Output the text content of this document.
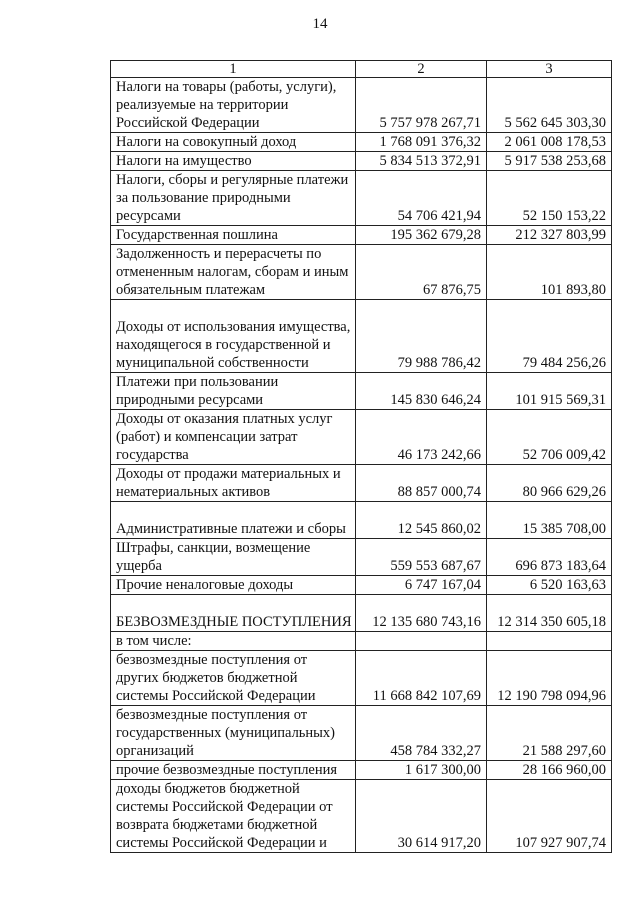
14
1	2	3
Налоги на товары (работы, услуги), реализуемые на территории Российской Федерации	5 757 978 267,71	5 562 645 303,30
Налоги на совокупный доход	1 768 091 376,32	2 061 008 178,53
Налоги на имущество	5 834 513 372,91	5 917 538 253,68
Налоги, сборы и регулярные платежи за пользование природными ресурсами	54 706 421,94	52 150 153,22
Государственная пошлина	195 362 679,28	212 327 803,99
Задолженность и перерасчеты по отмененным налогам, сборам и иным обязательным платежам	67 876,75	101 893,80
Доходы от использования имущества, находящегося в государственной и муниципальной собственности	79 988 786,42	79 484 256,26
Платежи при пользовании природными ресурсами	145 830 646,24	101 915 569,31
Доходы от оказания платных услуг (работ) и компенсации затрат государства	46 173 242,66	52 706 009,42
Доходы от продажи материальных и нематериальных активов	88 857 000,74	80 966 629,26
Административные платежи и сборы	12 545 860,02	15 385 708,00
Штрафы, санкции, возмещение ущерба	559 553 687,67	696 873 183,64
Прочие неналоговые доходы	6 747 167,04	6 520 163,63
БЕЗВОЗМЕЗДНЫЕ ПОСТУПЛЕНИЯ	12 135 680 743,16	12 314 350 605,18
в том числе:		
безвозмездные поступления от других бюджетов бюджетной системы Российской Федерации	11 668 842 107,69	12 190 798 094,96
безвозмездные поступления от государственных (муниципальных) организаций	458 784 332,27	21 588 297,60
прочие безвозмездные поступления	1 617 300,00	28 166 960,00
доходы бюджетов бюджетной системы Российской Федерации от возврата бюджетами бюджетной системы Российской Федерации и	30 614 917,20	107 927 907,74
